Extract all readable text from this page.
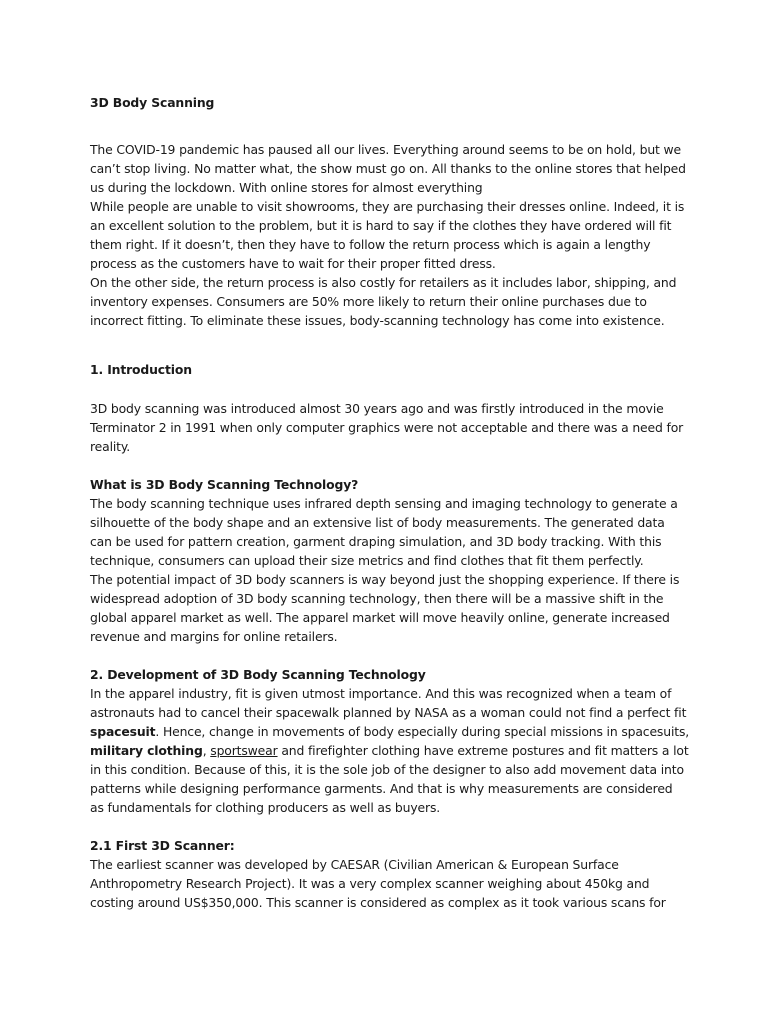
3D Body Scanning

The COVID-19 pandemic has paused all our lives. Everything around seems to be on hold, but we can’t stop living. No matter what, the show must go on. All thanks to the online stores that helped us during the lockdown. With online stores for almost everything

While people are unable to visit showrooms, they are purchasing their dresses online. Indeed, it is an excellent solution to the problem, but it is hard to say if the clothes they have ordered will fit them right. If it doesn’t, then they have to follow the return process which is again a lengthy process as the customers have to wait for their proper fitted dress.

On the other side, the return process is also costly for retailers as it includes labor, shipping, and inventory expenses. Consumers are 50% more likely to return their online purchases due to incorrect fitting. To eliminate these issues, body-scanning technology has come into existence.

1. Introduction

3D body scanning was introduced almost 30 years ago and was firstly introduced in the movie Terminator 2 in 1991 when only computer graphics were not acceptable and there was a need for reality.

What is 3D Body Scanning Technology?

The body scanning technique uses infrared depth sensing and imaging technology to generate a silhouette of the body shape and an extensive list of body measurements. The generated data can be used for pattern creation, garment draping simulation, and 3D body tracking. With this technique, consumers can upload their size metrics and find clothes that fit them perfectly.

The potential impact of 3D body scanners is way beyond just the shopping experience. If there is widespread adoption of 3D body scanning technology, then there will be a massive shift in the global apparel market as well. The apparel market will move heavily online, generate increased revenue and margins for online retailers.

2. Development of 3D Body Scanning Technology

In the apparel industry, fit is given utmost importance. And this was recognized when a team of astronauts had to cancel their spacewalk planned by NASA as a woman could not find a perfect fit spacesuit. Hence, change in movements of body especially during special missions in spacesuits, military clothing, sportswear and firefighter clothing have extreme postures and fit matters a lot in this condition. Because of this, it is the sole job of the designer to also add movement data into patterns while designing performance garments. And that is why measurements are considered as fundamentals for clothing producers as well as buyers.

2.1 First 3D Scanner:

The earliest scanner was developed by CAESAR (Civilian American & European Surface Anthropometry Research Project). It was a very complex scanner weighing about 450kg and costing around US$350,000. This scanner is considered as complex as it took various scans for
